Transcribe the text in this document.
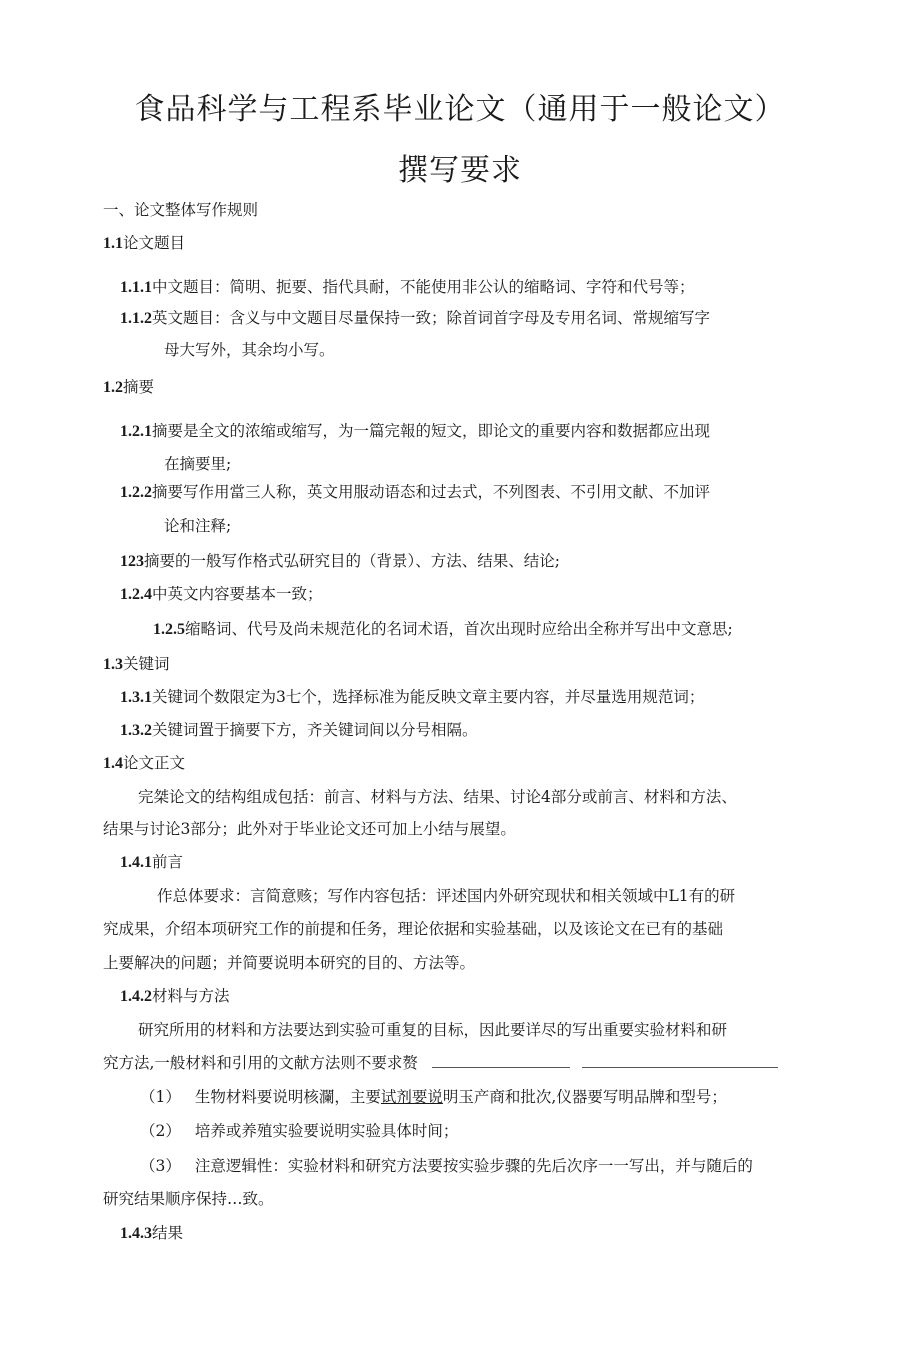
食品科学与工程系毕业论文（通用于一般论文）
撰写要求
一、论文整体写作规则
1.1论文题目
1.1.1中文题目：简明、扼要、指代具耐，不能使用非公认的缩略词、字符和代号等；
1.1.2英文题目：含义与中文题目尽量保持一致；除首词首字母及专用名词、常规缩写字
母大写外，其余均小写。
1.2摘要
1.2.1摘要是全文的浓缩或缩写，为一篇完報的短文，即论文的重要内容和数据都应出现
在摘要里;
1.2.2摘要写作用當三人称，英文用服动语态和过去式，不列图表、不引用文献、不加评
论和注释;
123摘要的一般写作格式弘研究目的（背景）、方法、结果、结论;
1.2.4中英文内容要基本一致；
1.2.5缩略词、代号及尚未规范化的名词术语，首次出现时应给出全称并写出中文意思;
1.3关键词
1.3.1关键词个数限定为3七个，选择标准为能反映文章主要内容，并尽量选用规范词；
1.3.2关键词置于摘要下方，齐关键词间以分号相隔。
1.4论文正文
完桀论文的结构组成包括：前言、材料与方法、结果、讨论4部分或前言、材料和方法、
结果与讨论3部分；此外对于毕业论文还可加上小结与展望。
1.4.1前言
作总体要求：言简意赅；写作内容包括：评述国内外研究现状和相关领域中L1有的研
究成果，介绍本项研究工作的前提和任务，理论依据和实验基础，以及该论文在已有的基础
上要解决的问题；并简要说明本研究的目的、方法等。
1.4.2材料与方法
研究所用的材料和方法要达到实验可重复的目标，因此要详尽的写出重要实验材料和研
究方法,一般材料和引用的文献方法则不要求赘
（1） 生物材料要说明核瀾，主要试剂要说明玉产商和批次,仪器要写明品牌和型号；
（2） 培养或养殖实验要说明实验具体时间；
（3） 注意逻辑性：实验材料和研究方法要按实验步骤的先后次序一一写出，并与随后的
研究结果顺序保持…致。
1.4.3结果
